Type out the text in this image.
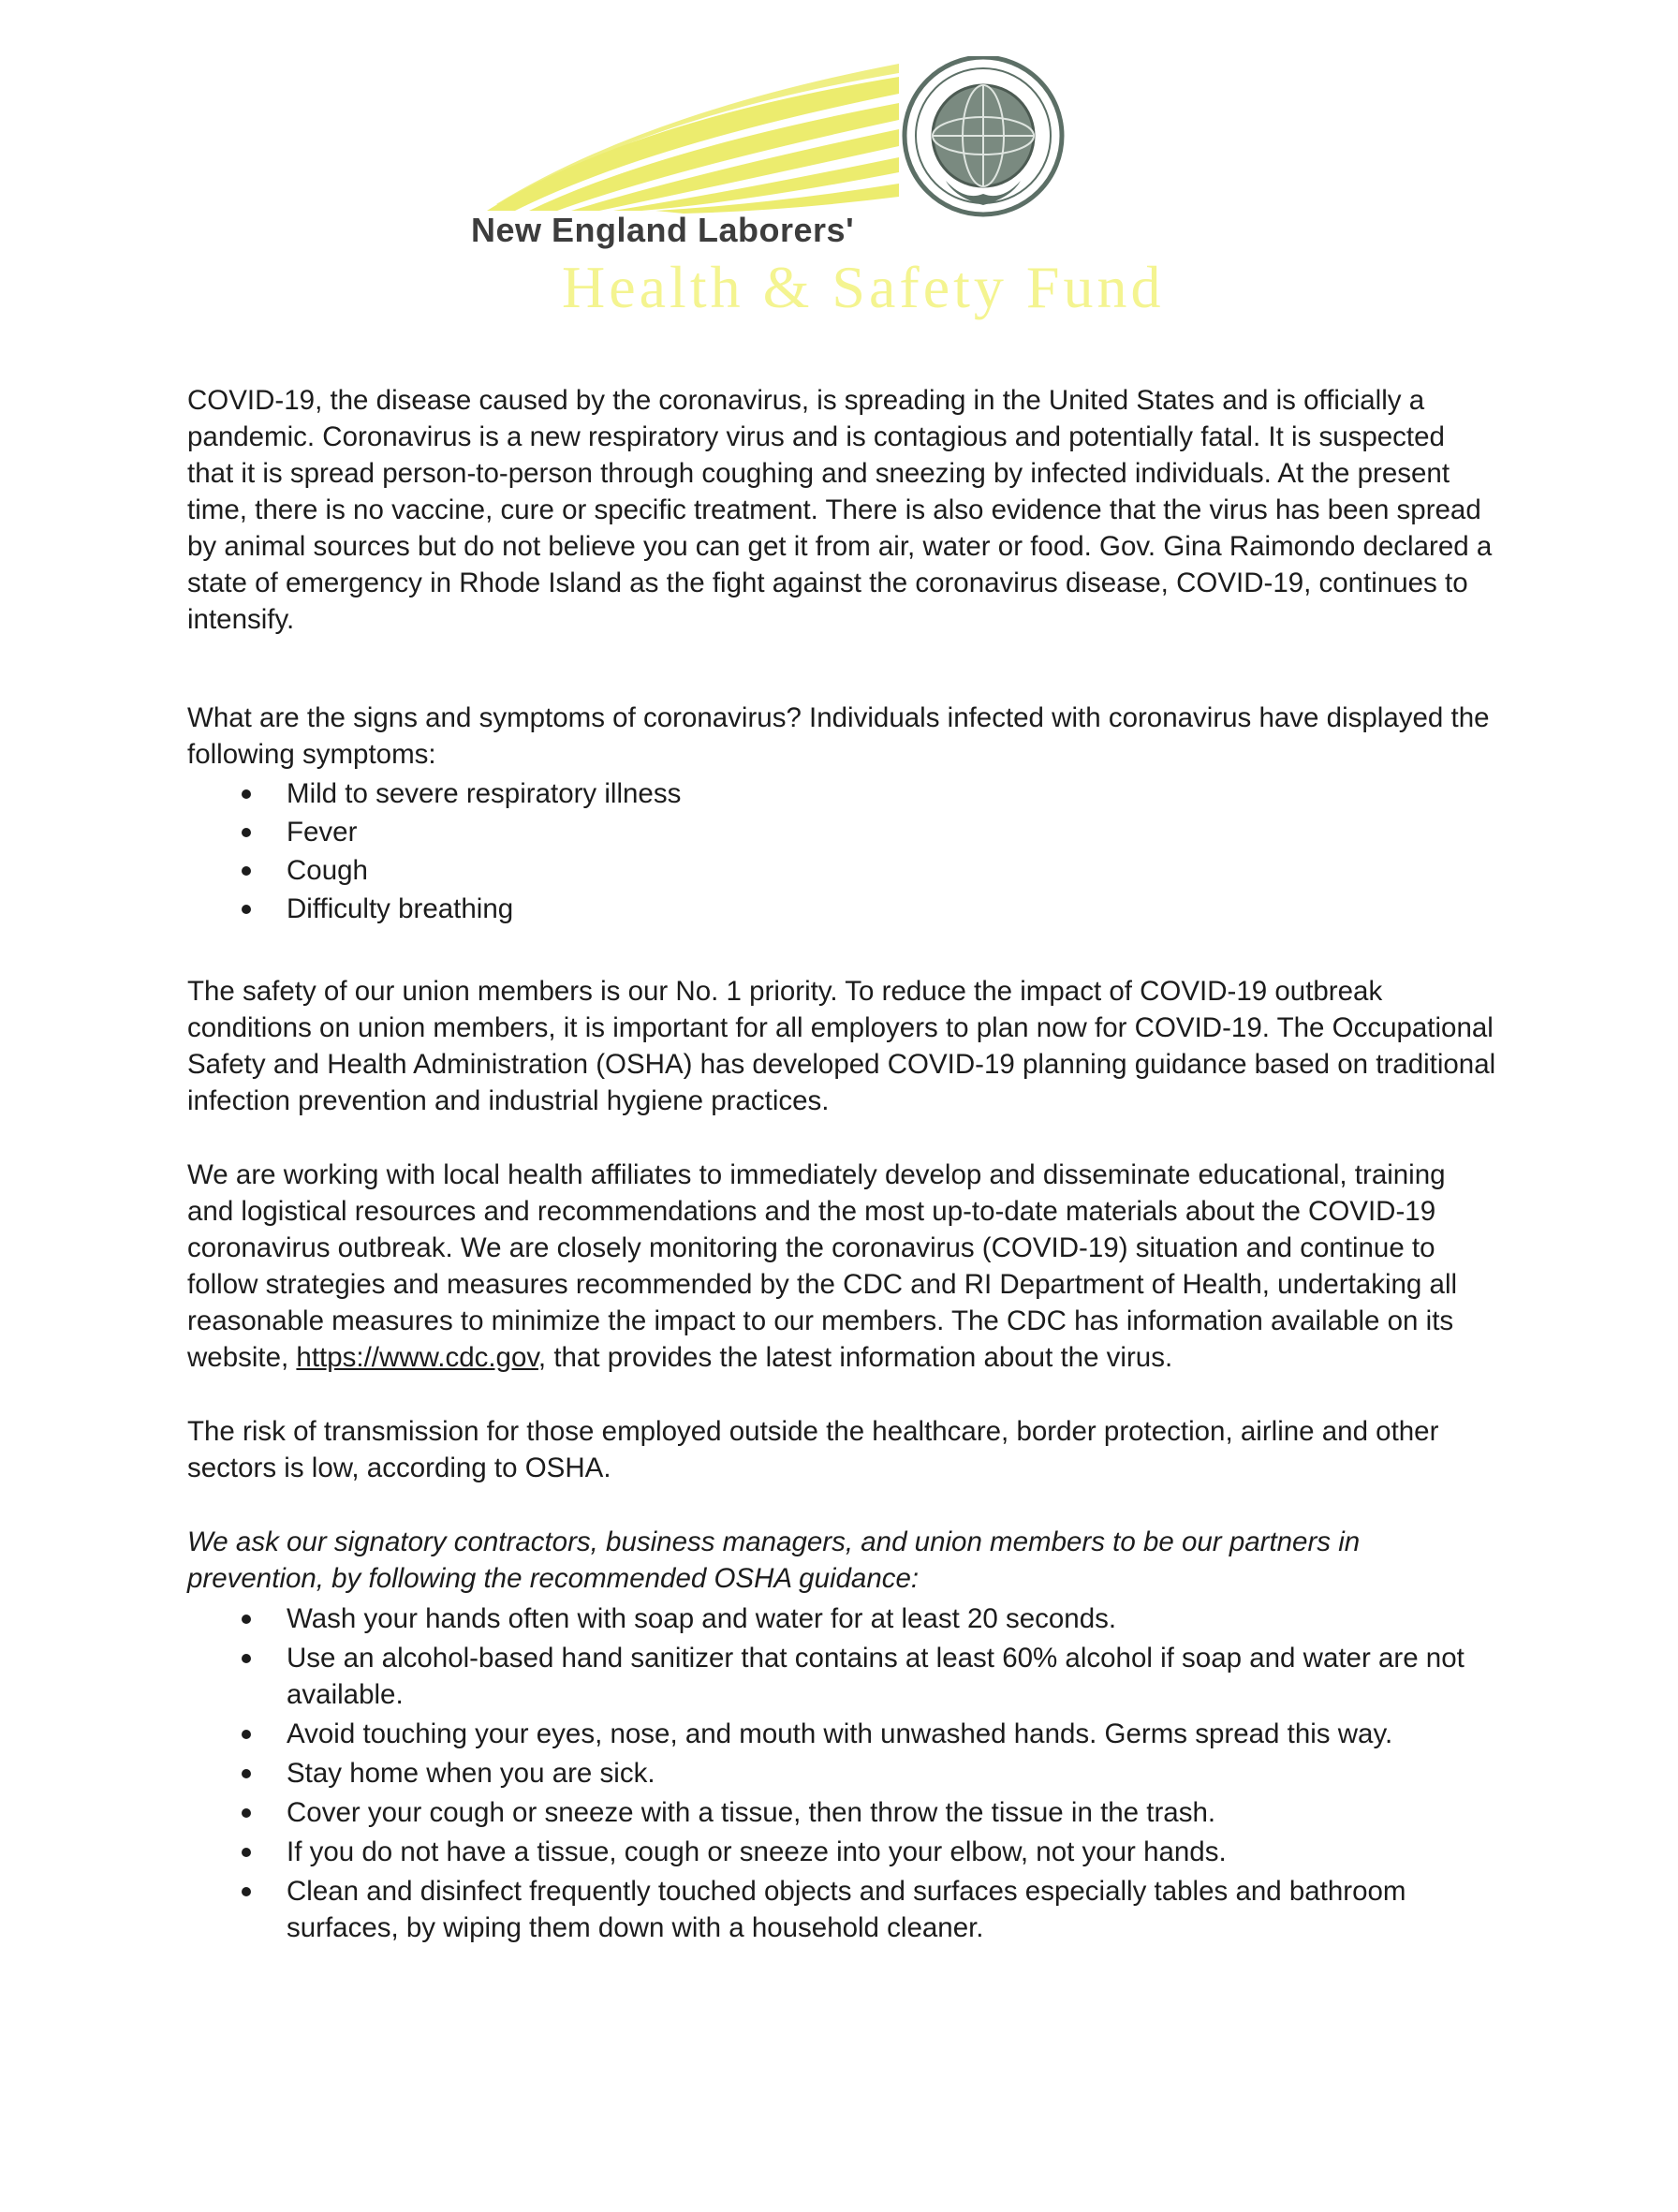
New England Laborers'
Health & Safety Fund

COVID-19, the disease caused by the coronavirus, is spreading in the United States and is officially a pandemic. Coronavirus is a new respiratory virus and is contagious and potentially fatal. It is suspected that it is spread person-to-person through coughing and sneezing by infected individuals. At the present time, there is no vaccine, cure or specific treatment. There is also evidence that the virus has been spread by animal sources but do not believe you can get it from air, water or food. Gov. Gina Raimondo declared a state of emergency in Rhode Island as the fight against the coronavirus disease, COVID-19, continues to intensify.

What are the signs and symptoms of coronavirus? Individuals infected with coronavirus have displayed the following symptoms:

Mild to severe respiratory illness
Fever
Cough
Difficulty breathing

The safety of our union members is our No. 1 priority. To reduce the impact of COVID-19 outbreak conditions on union members, it is important for all employers to plan now for COVID-19. The Occupational Safety and Health Administration (OSHA) has developed COVID-19 planning guidance based on traditional infection prevention and industrial hygiene practices.

We are working with local health affiliates to immediately develop and disseminate educational, training and logistical resources and recommendations and the most up-to-date materials about the COVID-19 coronavirus outbreak. We are closely monitoring the coronavirus (COVID-19) situation and continue to follow strategies and measures recommended by the CDC and RI Department of Health, undertaking all reasonable measures to minimize the impact to our members. The CDC has information available on its website, https://www.cdc.gov, that provides the latest information about the virus.

The risk of transmission for those employed outside the healthcare, border protection, airline and other sectors is low, according to OSHA.

We ask our signatory contractors, business managers, and union members to be our partners in prevention, by following the recommended OSHA guidance:

Wash your hands often with soap and water for at least 20 seconds.
Use an alcohol-based hand sanitizer that contains at least 60% alcohol if soap and water are not available.
Avoid touching your eyes, nose, and mouth with unwashed hands. Germs spread this way.
Stay home when you are sick.
Cover your cough or sneeze with a tissue, then throw the tissue in the trash.
If you do not have a tissue, cough or sneeze into your elbow, not your hands.
Clean and disinfect frequently touched objects and surfaces especially tables and bathroom surfaces, by wiping them down with a household cleaner.
